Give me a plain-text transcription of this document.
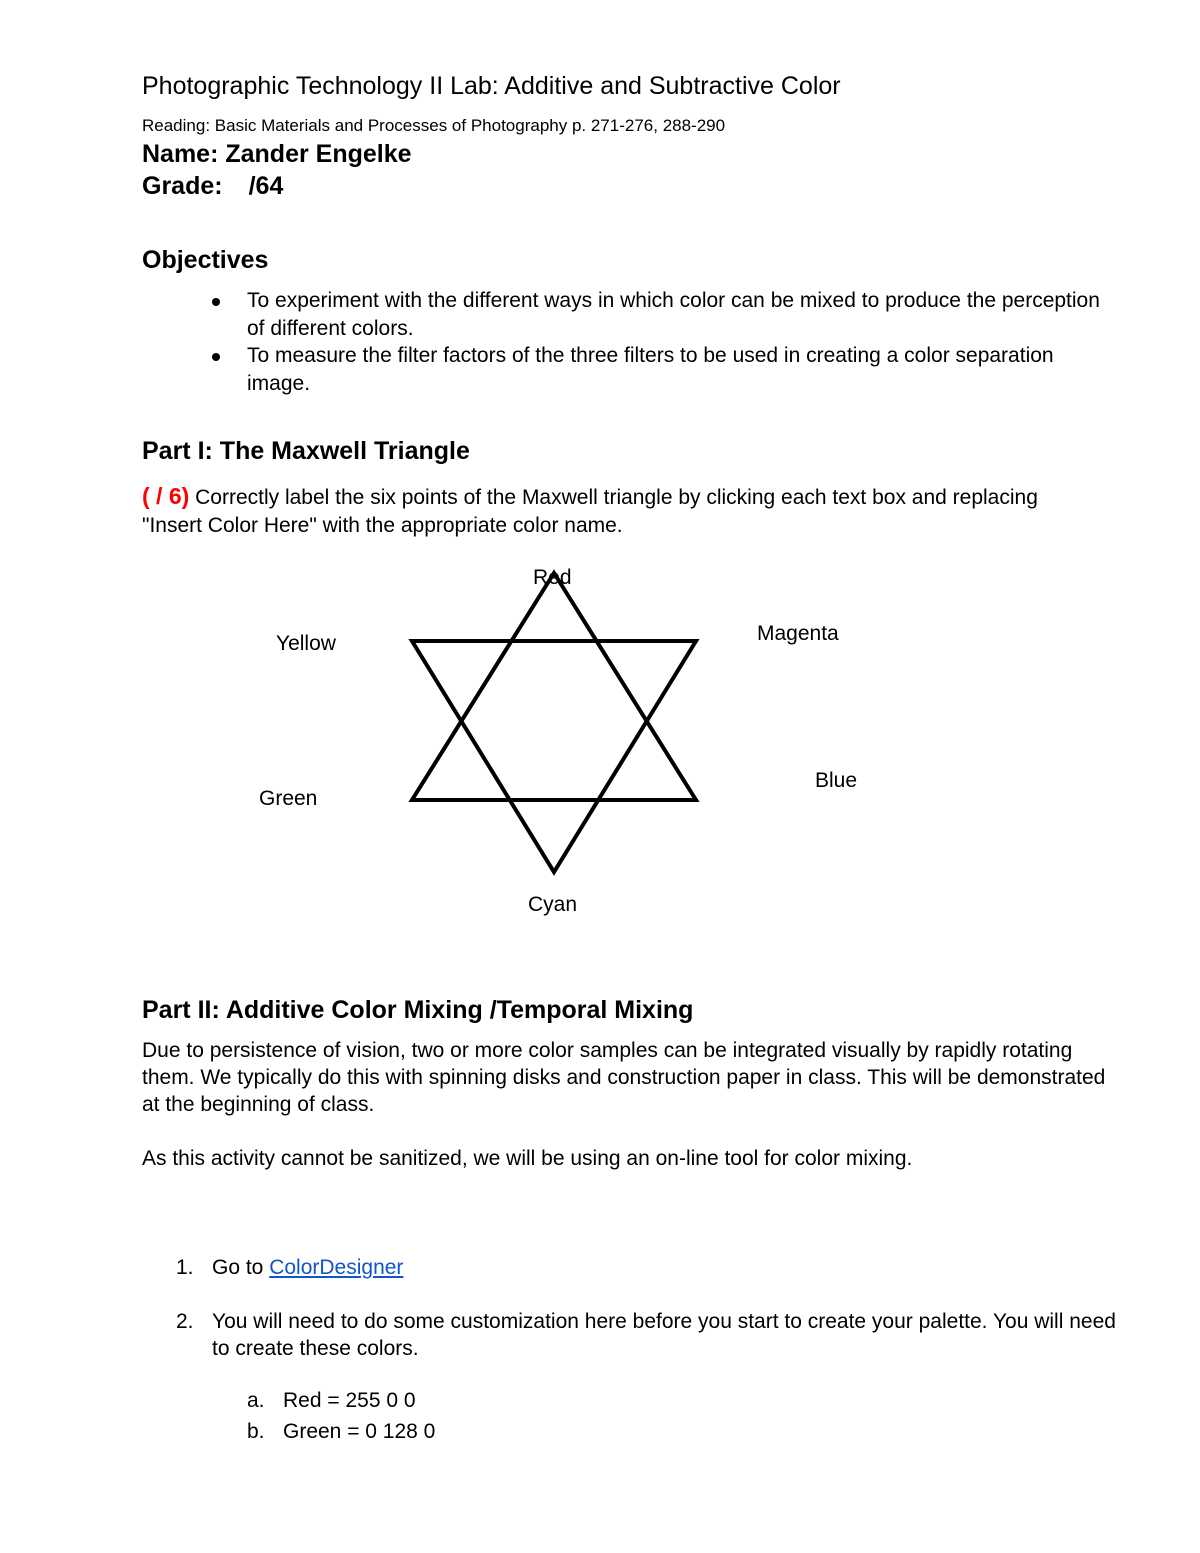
Photographic Technology II Lab: Additive and Subtractive Color
Reading: Basic Materials and Processes of Photography p. 271-276, 288-290
Name: Zander Engelke
Grade: /64
Objectives
To experiment with the different ways in which color can be mixed to produce the perception of different colors.
To measure the filter factors of the three filters to be used in creating a color separation image.
Part I: The Maxwell Triangle
( / 6) Correctly label the six points of the Maxwell triangle by clicking each text box and replacing "Insert Color Here" with the appropriate color name.
Red
Yellow	Magenta
Green
Blue
Cyan
Part II: Additive Color Mixing /Temporal Mixing
Due to persistence of vision, two or more color samples can be integrated visually by rapidly rotating them. We typically do this with spinning disks and construction paper in class. This will be demonstrated at the beginning of class.
As this activity cannot be sanitized, we will be using an on-line tool for color mixing.
1. Go to ColorDesigner
2. You will need to do some customization here before you start to create your palette. You will need to create these colors.
a. Red = 255 0 0
b. Green = 0 128 0
